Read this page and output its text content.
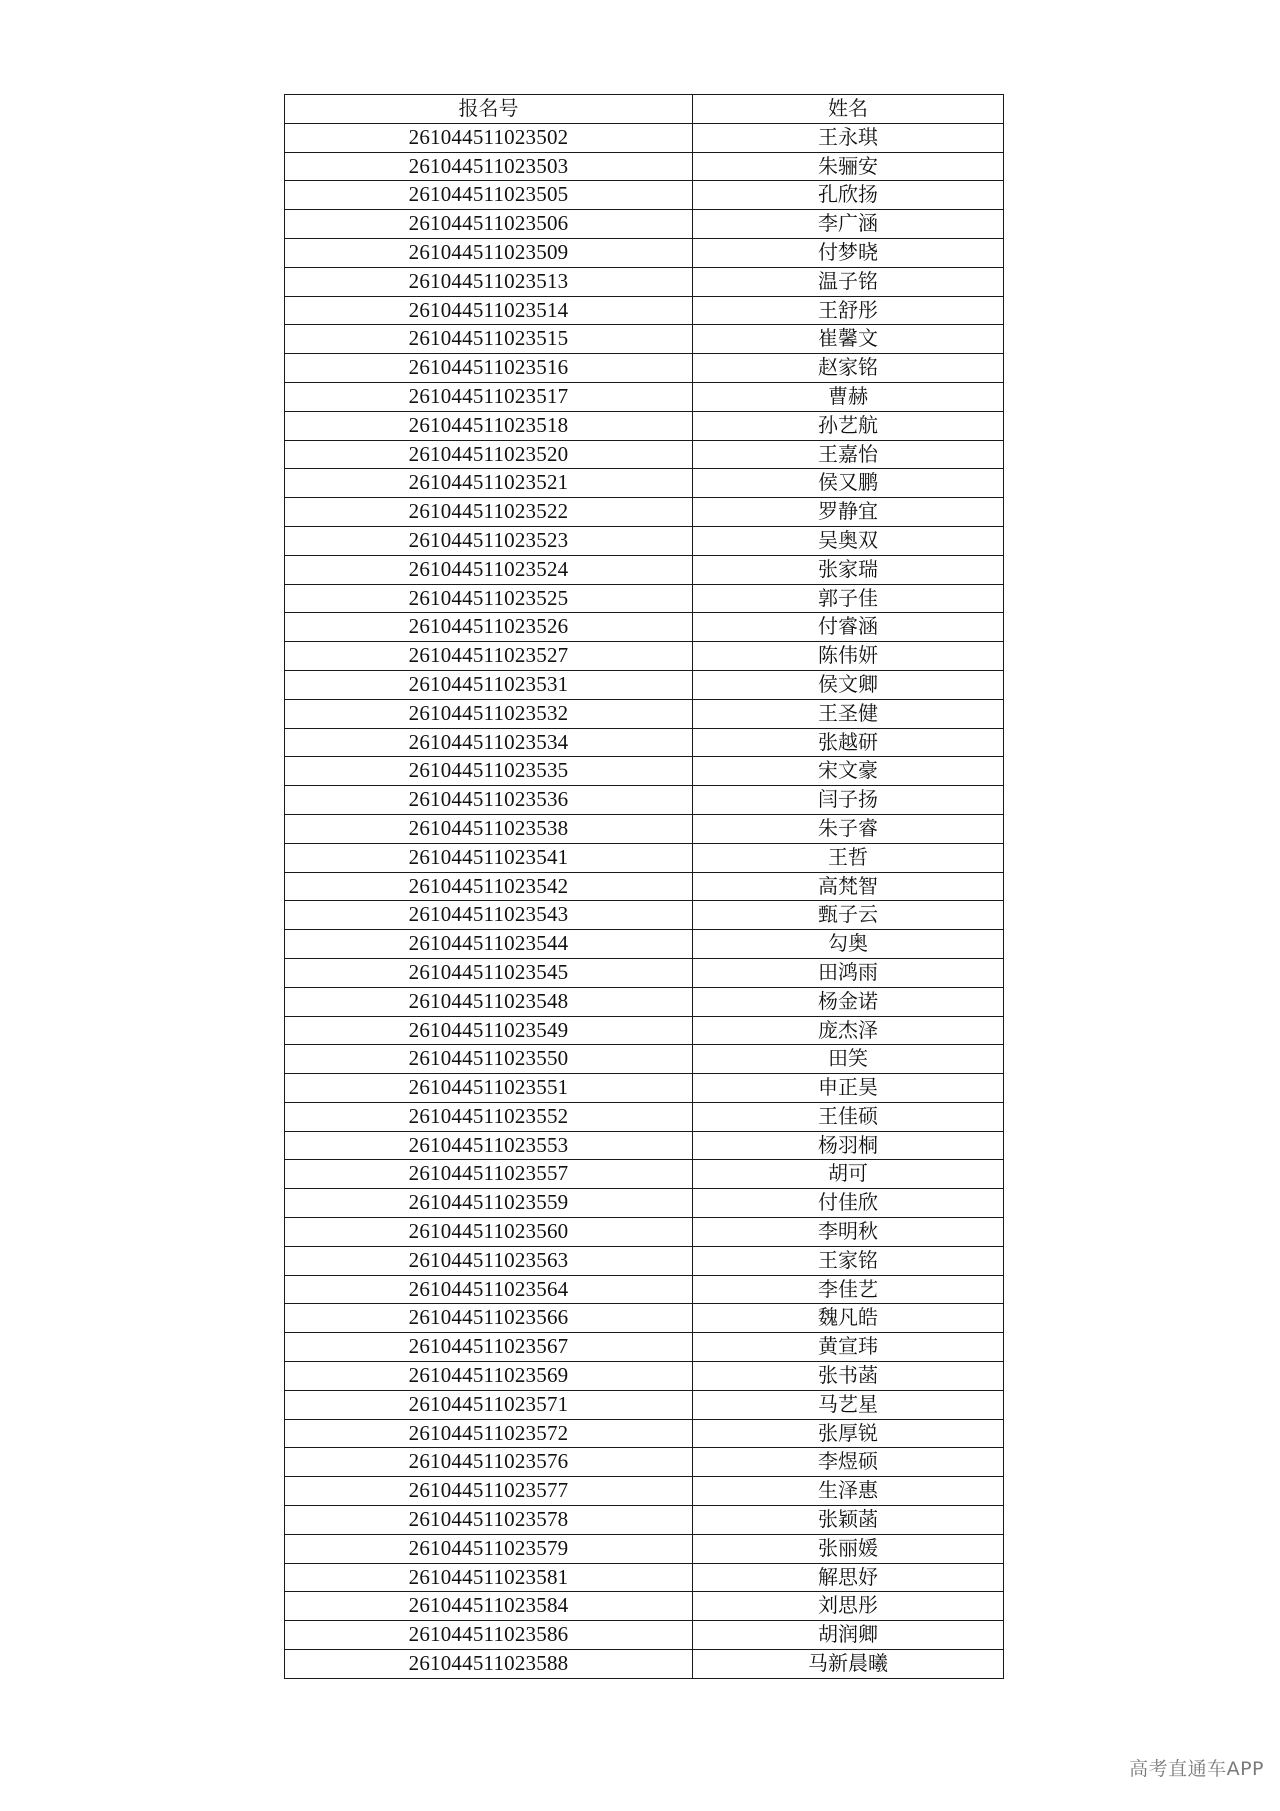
报名号	姓名
261044511023502	王永琪
261044511023503	朱骊安
261044511023505	孔欣扬
261044511023506	李广涵
261044511023509	付梦晓
261044511023513	温子铭
261044511023514	王舒彤
261044511023515	崔馨文
261044511023516	赵家铭
261044511023517	曹赫
261044511023518	孙艺航
261044511023520	王嘉怡
261044511023521	侯又鹏
261044511023522	罗静宜
261044511023523	吴奥双
261044511023524	张家瑞
261044511023525	郭子佳
261044511023526	付睿涵
261044511023527	陈伟妍
261044511023531	侯文卿
261044511023532	王圣健
261044511023534	张越研
261044511023535	宋文豪
261044511023536	闫子扬
261044511023538	朱子睿
261044511023541	王哲
261044511023542	高梵智
261044511023543	甄子云
261044511023544	勾奥
261044511023545	田鸿雨
261044511023548	杨金诺
261044511023549	庞杰泽
261044511023550	田笑
261044511023551	申正昊
261044511023552	王佳硕
261044511023553	杨羽桐
261044511023557	胡可
261044511023559	付佳欣
261044511023560	李明秋
261044511023563	王家铭
261044511023564	李佳艺
261044511023566	魏凡皓
261044511023567	黄宣玮
261044511023569	张书菡
261044511023571	马艺星
261044511023572	张厚锐
261044511023576	李煜硕
261044511023577	生泽惠
261044511023578	张颖菡
261044511023579	张丽媛
261044511023581	解思妤
261044511023584	刘思彤
261044511023586	胡润卿
261044511023588	马新晨曦
高考直通车APP
